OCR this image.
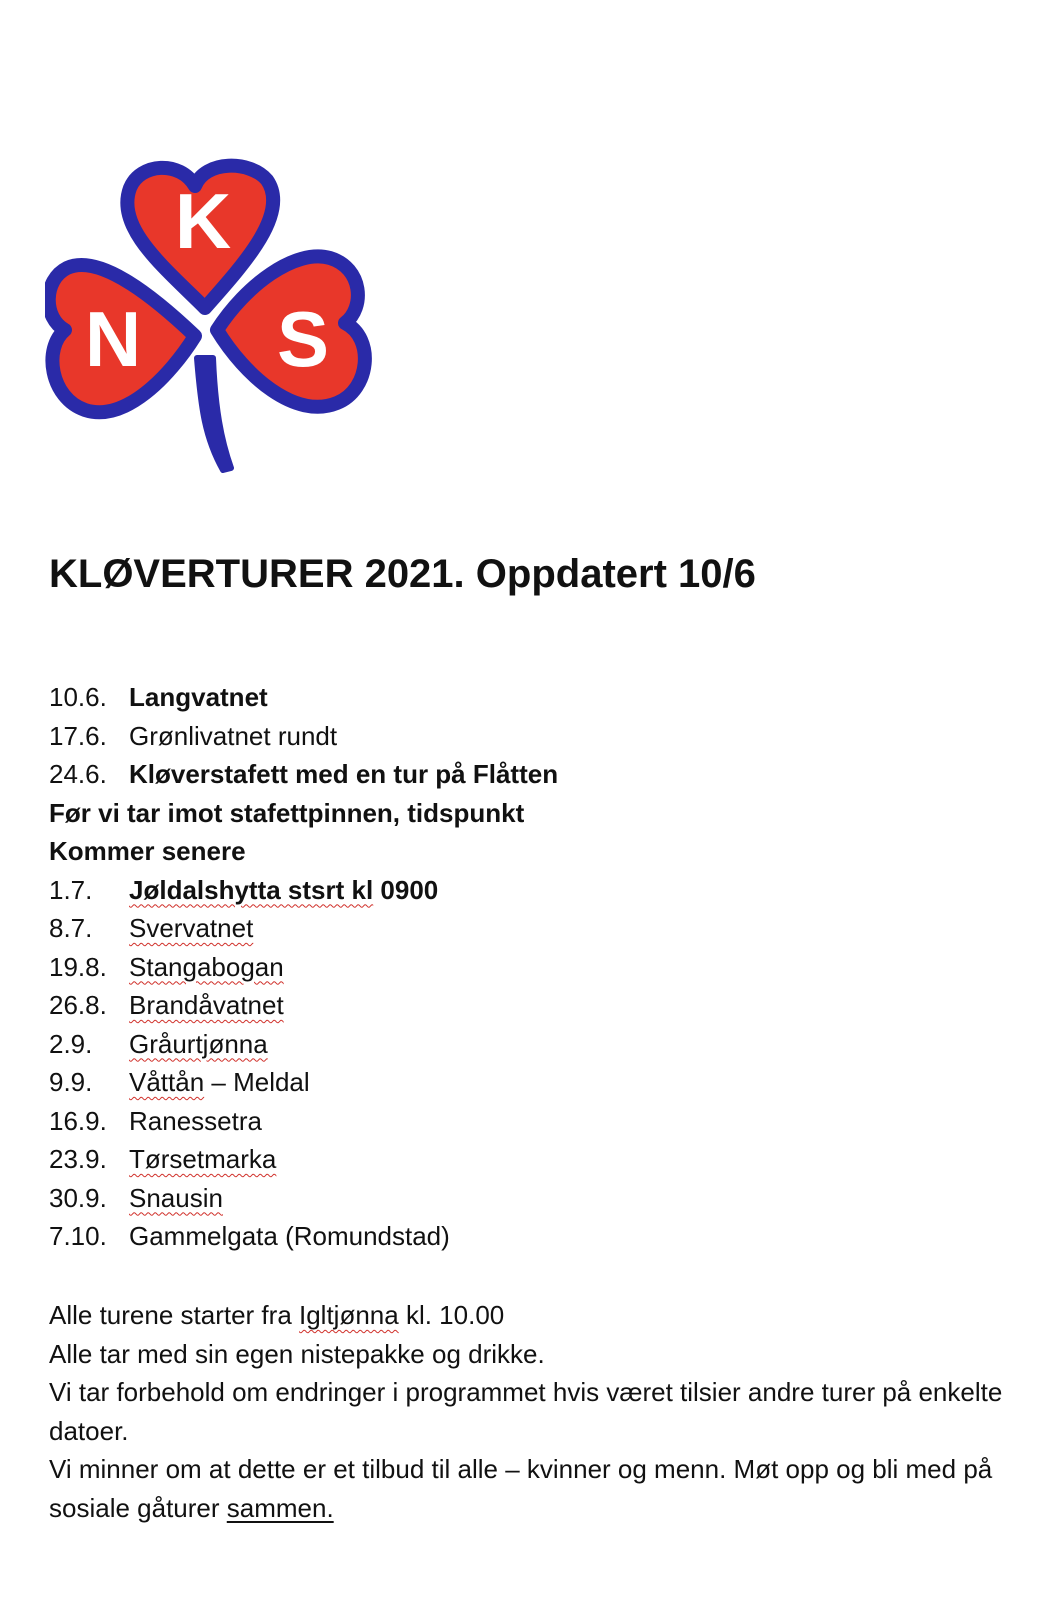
K
N S
KLØVERTURER 2021. Oppdatert 10/6
10.6. Langvatnet
17.6. Grønlivatnet rundt
24.6. Kløverstafett med en tur på Flåtten
Før vi tar imot stafettpinnen, tidspunkt
Kommer senere
1.7.	Jøldalshytta stsrt kl 0900
8.7.	Svervatnet
19.8. Stangabogan
26.8. Brandåvatnet
2.9.	Gråurtjønna
9.9.	Våttån – Meldal
16.9. Ranessetra
23.9. Tørsetmarka
30.9. Snausin
7.10. Gammelgata (Romundstad)

Alle turene starter fra Igltjønna kl. 10.00

Alle tar med sin egen nistepakke og drikke.

Vi tar forbehold om endringer i programmet hvis været tilsier andre turer på enkelte datoer.

Vi minner om at dette er et tilbud til alle – kvinner og menn. Møt opp og bli med på sosiale gåturer sammen.
